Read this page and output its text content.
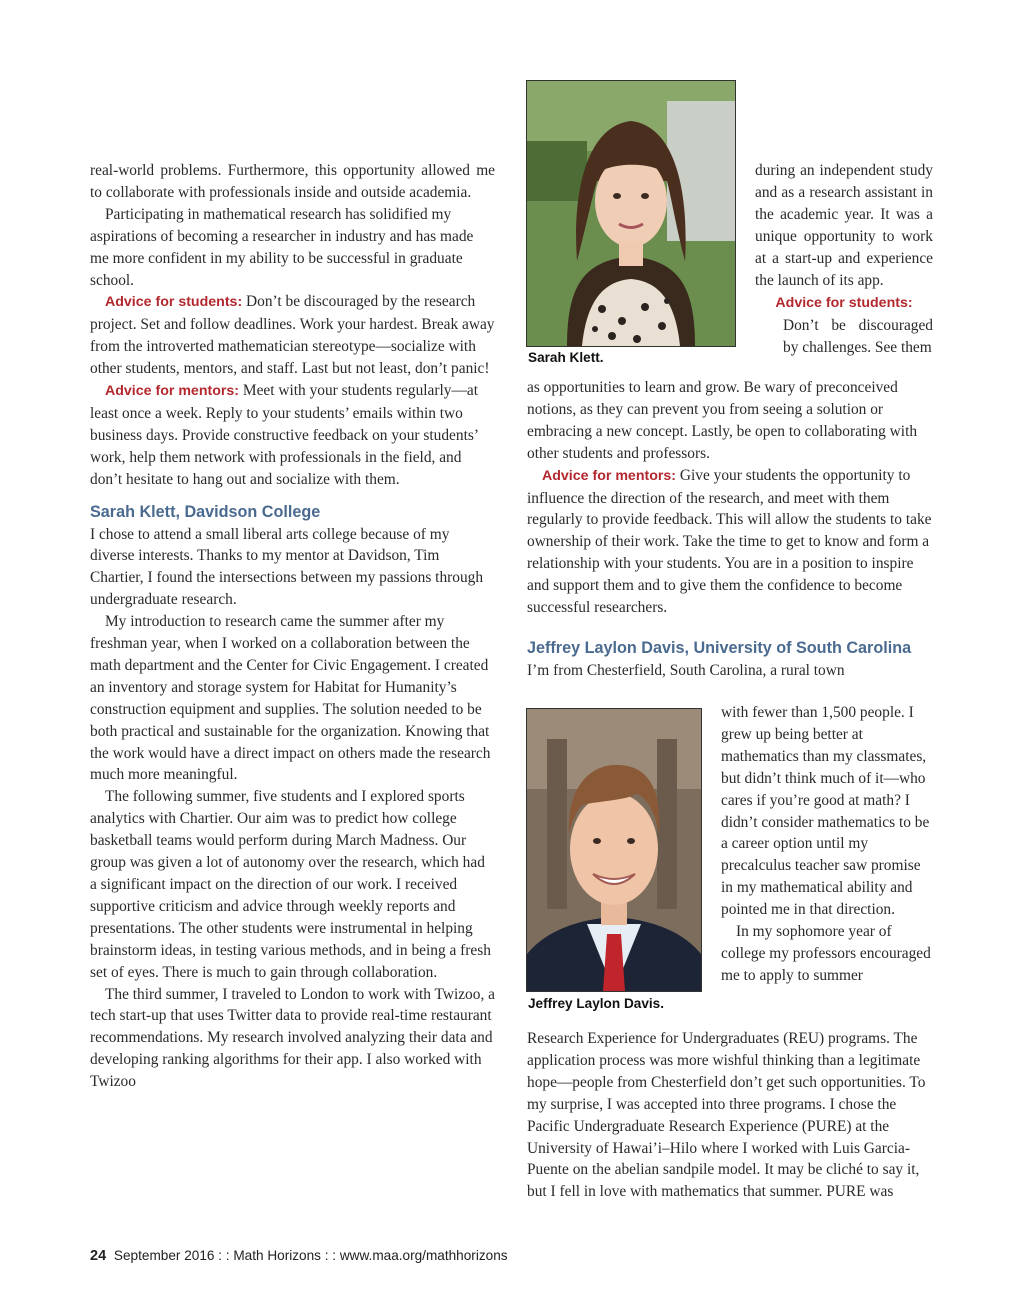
real-world problems. Furthermore, this opportunity allowed me to collaborate with professionals inside and outside academia.

Participating in mathematical research has solidified my aspirations of becoming a researcher in industry and has made me more confident in my ability to be successful in graduate school.

Advice for students: Don’t be discouraged by the research project. Set and follow deadlines. Work your hardest. Break away from the introverted mathematician stereotype—socialize with other students, mentors, and staff. Last but not least, don’t panic!

Advice for mentors: Meet with your students regularly—at least once a week. Reply to your students’ emails within two business days. Provide constructive feedback on your students’ work, help them network with professionals in the field, and don’t hesitate to hang out and socialize with them.

Sarah Klett, Davidson College

I chose to attend a small liberal arts college because of my diverse interests. Thanks to my mentor at Davidson, Tim Chartier, I found the intersections between my passions through undergraduate research.

My introduction to research came the summer after my freshman year, when I worked on a collaboration between the math department and the Center for Civic Engagement. I created an inventory and storage system for Habitat for Humanity’s construction equipment and supplies. The solution needed to be both practical and sustainable for the organization. Knowing that the work would have a direct impact on others made the research much more meaningful.

The following summer, five students and I explored sports analytics with Chartier. Our aim was to predict how college basketball teams would perform during March Madness. Our group was given a lot of autonomy over the research, which had a significant impact on the direction of our work. I received supportive criticism and advice through weekly reports and presentations. The other students were instrumental in helping brainstorm ideas, in testing various methods, and in being a fresh set of eyes. There is much to gain through collaboration.

The third summer, I traveled to London to work with Twizoo, a tech start-up that uses Twitter data to provide real-time restaurant recommendations. My research involved analyzing their data and developing ranking algorithms for their app. I also worked with Twizoo

Sarah Klett.

during an independent study and as a research assistant in the academic year. It was a unique opportunity to work at a start-up and experience the launch of its app.

Advice for students:

Don’t be discouraged by challenges. See them

as opportunities to learn and grow. Be wary of preconceived notions, as they can prevent you from seeing a solution or embracing a new concept. Lastly, be open to collaborating with other students and professors.

Advice for mentors: Give your students the opportunity to influence the direction of the research, and meet with them regularly to provide feedback. This will allow the students to take ownership of their work. Take the time to get to know and form a relationship with your students. You are in a position to inspire and support them and to give them the confidence to become successful researchers.

Jeffrey Laylon Davis, University of South Carolina

I’m from Chesterfield, South Carolina, a rural town

Jeffrey Laylon Davis.

with fewer than 1,500 people. I grew up being better at mathematics than my classmates, but didn’t think much of it—who cares if you’re good at math? I didn’t consider mathematics to be a career option until my precalculus teacher saw promise in my mathematical ability and pointed me in that direction.

In my sophomore year of college my professors encouraged me to apply to summer

Research Experience for Undergraduates (REU) programs. The application process was more wishful thinking than a legitimate hope—people from Chesterfield don’t get such opportunities. To my surprise, I was accepted into three programs. I chose the Pacific Undergraduate Research Experience (PURE) at the University of Hawai’i–Hilo where I worked with Luis Garcia-Puente on the abelian sandpile model. It may be cliché to say it, but I fell in love with mathematics that summer. PURE was

24 September 2016 : : Math Horizons : : www.maa.org/mathhorizons
